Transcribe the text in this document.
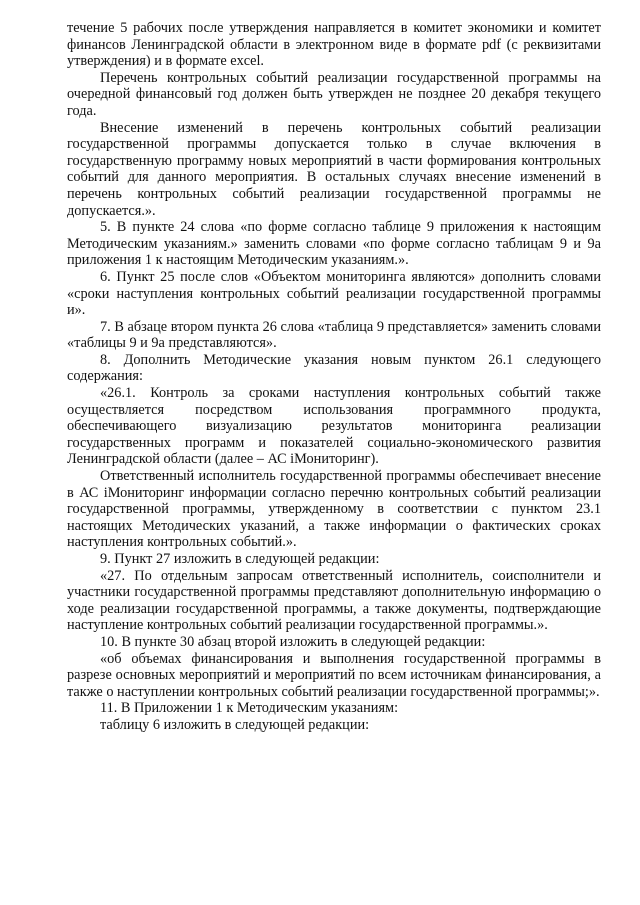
течение 5 рабочих после утверждения направляется в комитет экономики и комитет финансов Ленинградской области в электронном виде в формате pdf (с реквизитами утверждения) и в формате excel.

Перечень контрольных событий реализации государственной программы на очередной финансовый год должен быть утвержден не позднее 20 декабря текущего года.

Внесение изменений в перечень контрольных событий реализации государственной программы допускается только в случае включения в государственную программу новых мероприятий в части формирования контрольных событий для данного мероприятия. В остальных случаях внесение изменений в перечень контрольных событий реализации государственной программы не допускается.».

5. В пункте 24 слова «по форме согласно таблице 9 приложения к настоящим Методическим указаниям.» заменить словами «по форме согласно таблицам 9 и 9а приложения 1 к настоящим Методическим указаниям.».

6. Пункт 25 после слов «Объектом мониторинга являются» дополнить словами «сроки наступления контрольных событий реализации государственной программы и».

7. В абзаце втором пункта 26 слова «таблица 9 представляется» заменить словами «таблицы 9 и 9а представляются».

8. Дополнить Методические указания новым пунктом 26.1 следующего содержания:

«26.1. Контроль за сроками наступления контрольных событий также осуществляется посредством использования программного продукта, обеспечивающего визуализацию результатов мониторинга реализации государственных программ и показателей социально-экономического развития Ленинградской области (далее – АС iМониторинг).

Ответственный исполнитель государственной программы обеспечивает внесение в АС iМониторинг информации согласно перечню контрольных событий реализации государственной программы, утвержденному в соответствии с пунктом 23.1 настоящих Методических указаний, а также информации о фактических сроках наступления контрольных событий.».

9. Пункт 27 изложить в следующей редакции:

«27. По отдельным запросам ответственный исполнитель, соисполнители и участники государственной программы представляют дополнительную информацию о ходе реализации государственной программы, а также документы, подтверждающие наступление контрольных событий реализации государственной программы.».

10. В пункте 30 абзац второй изложить в следующей редакции:

«об объемах финансирования и выполнения государственной программы в разрезе основных мероприятий и мероприятий по всем источникам финансирования, а также о наступлении контрольных событий реализации государственной программы;».

11. В Приложении 1 к Методическим указаниям:

таблицу 6 изложить в следующей редакции:
